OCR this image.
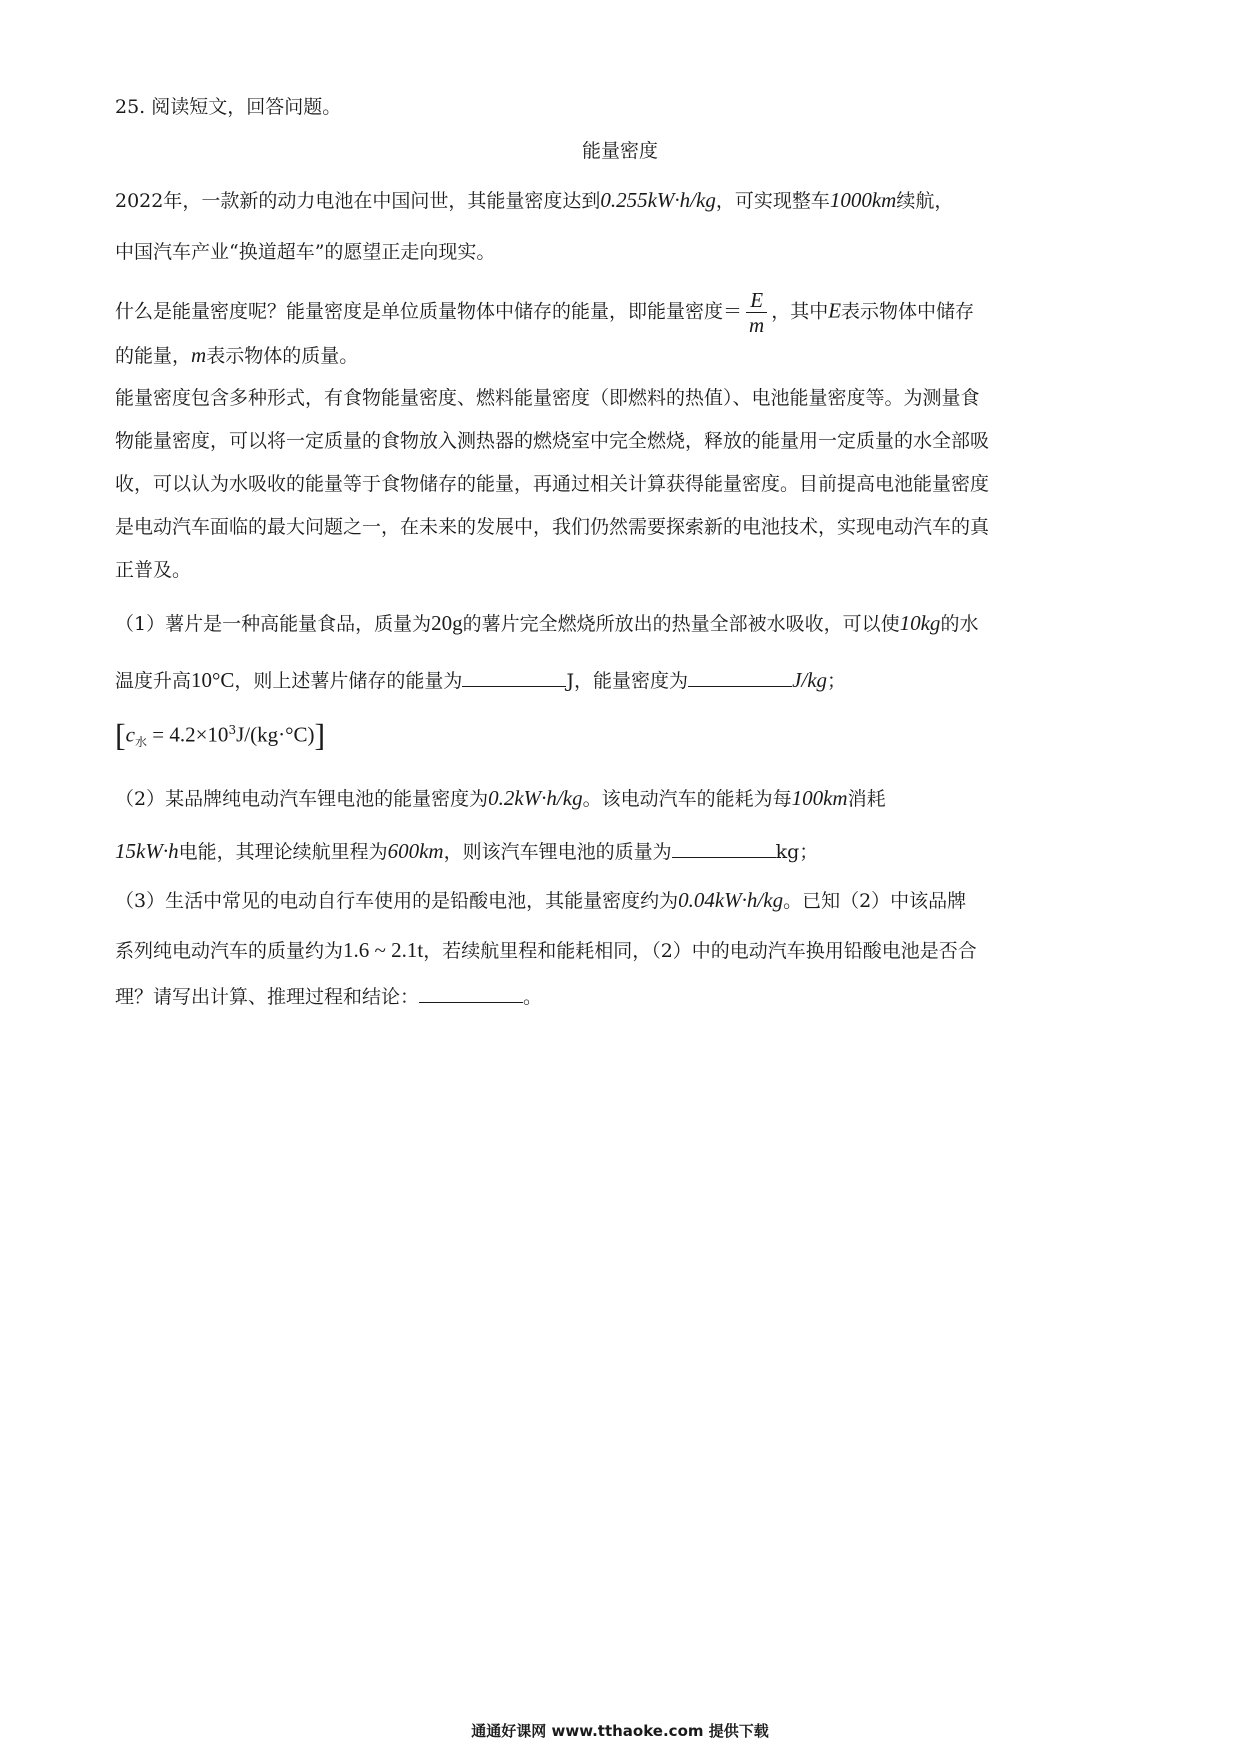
25. 阅读短文，回答问题。
能量密度
2022年，一款新的动力电池在中国问世，其能量密度达到0.255kW·h/kg，可实现整车1000km续航，
中国汽车产业“换道超车”的愿望正走向现实。
什么是能量密度呢？能量密度是单位质量物体中储存的能量，即能量密度＝ $\frac{E}{m}$ ，其中E表示物体中储存
的能量，m表示物体的质量。
能量密度包含多种形式，有食物能量密度、燃料能量密度（即燃料的热值）、电池能量密度等。为测量食
物能量密度，可以将一定质量的食物放入测热器的燃烧室中完全燃烧，释放的能量用一定质量的水全部吸
收，可以认为水吸收的能量等于食物储存的能量，再通过相关计算获得能量密度。目前提高电池能量密度
是电动汽车面临的最大问题之一，在未来的发展中，我们仍然需要探索新的电池技术，实现电动汽车的真
正普及。
（1）薯片是一种高能量食品，质量为20g的薯片完全燃烧所放出的热量全部被水吸收，可以使10kg的水
温度升高10°C，则上述薯片储存的能量为	J，能量密度为	J/kg；
$[c_水 = 4.2\times 10^3J/(kg\cdot^\circ C)]$
（2）某品牌纯电动汽车锂电池的能量密度为0.2kW·h/kg。该电动汽车的能耗为每100km消耗
15kW·h电能，其理论续航里程为600km，则该汽车锂电池的质量为	kg；
（3）生活中常见的电动自行车使用的是铅酸电池，其能量密度约为0.04kW·h/kg。已知（2）中该品牌
系列纯电动汽车的质量约为1.6 ~ 2.1t，若续航里程和能耗相同，（2）中的电动汽车换用铅酸电池是否合
理？请写出计算、推理过程和结论：	。
通通好课网 www.tthaoke.com 提供下载
